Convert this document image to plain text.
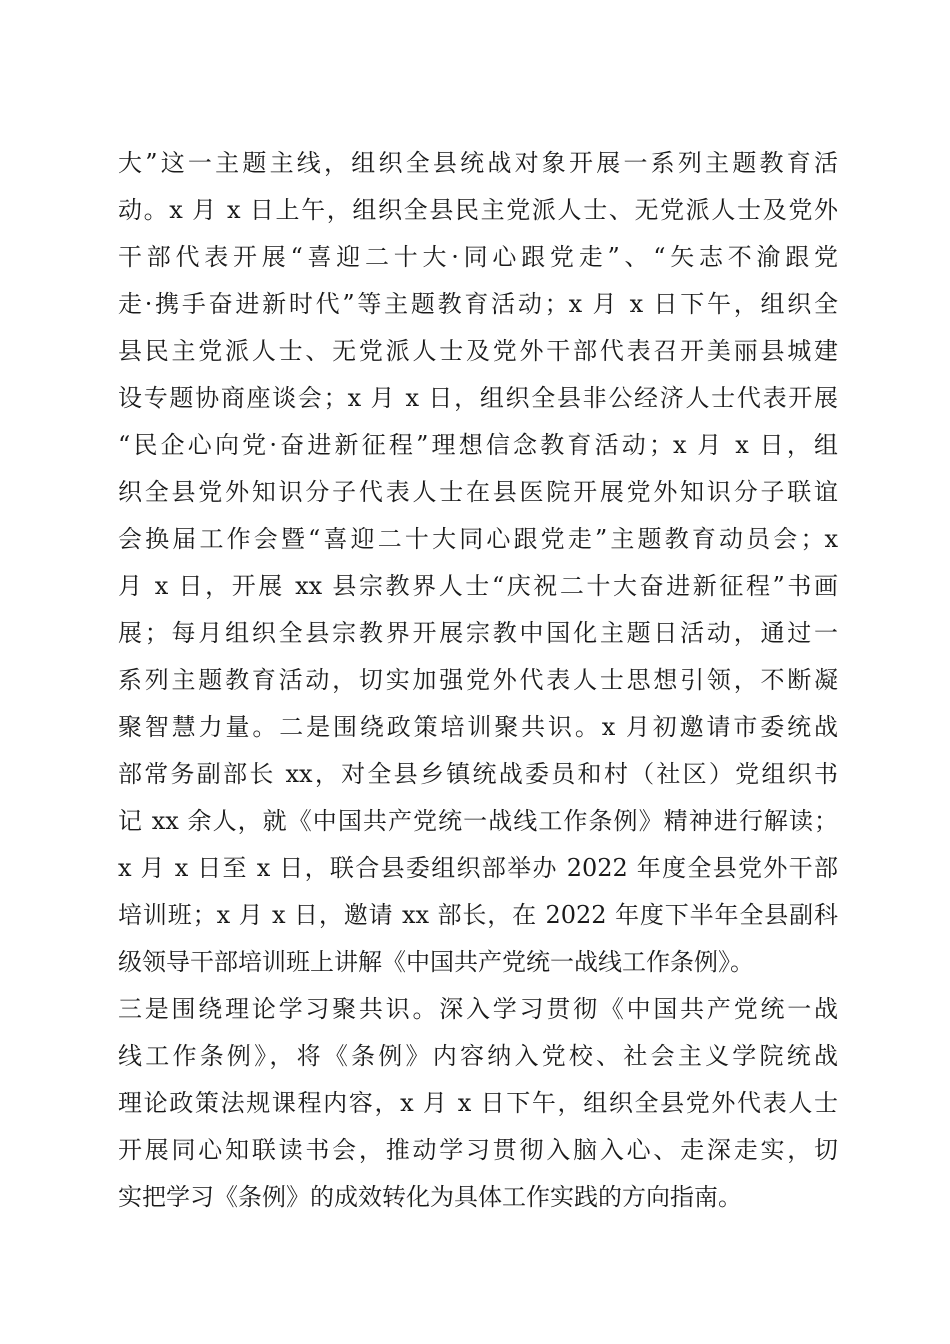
大”这一主题主线，组织全县统战对象开展一系列主题教育活
动。x 月 x 日上午，组织全县民主党派人士、无党派人士及党外
干部代表开展“喜迎二十大·同心跟党走”、“矢志不渝跟党
走·携手奋进新时代”等主题教育活动；x 月 x 日下午，组织全
县民主党派人士、无党派人士及党外干部代表召开美丽县城建
设专题协商座谈会；x 月 x 日，组织全县非公经济人士代表开展
“民企心向党·奋进新征程”理想信念教育活动；x 月 x 日，组
织全县党外知识分子代表人士在县医院开展党外知识分子联谊
会换届工作会暨“喜迎二十大同心跟党走”主题教育动员会；x
月 x 日，开展 xx 县宗教界人士“庆祝二十大奋进新征程”书画
展；每月组织全县宗教界开展宗教中国化主题日活动，通过一
系列主题教育活动，切实加强党外代表人士思想引领，不断凝
聚智慧力量。二是围绕政策培训聚共识。x 月初邀请市委统战
部常务副部长 xx，对全县乡镇统战委员和村（社区）党组织书
记 xx 余人，就《中国共产党统一战线工作条例》精神进行解读；
x 月 x 日至 x 日，联合县委组织部举办 2022 年度全县党外干部
培训班；x 月 x 日，邀请 xx 部长，在 2022 年度下半年全县副科
级领导干部培训班上讲解《中国共产党统一战线工作条例》。
三是围绕理论学习聚共识。深入学习贯彻《中国共产党统一战
线工作条例》，将《条例》内容纳入党校、社会主义学院统战
理论政策法规课程内容，x 月 x 日下午，组织全县党外代表人士
开展同心知联读书会，推动学习贯彻入脑入心、走深走实，切
实把学习《条例》的成效转化为具体工作实践的方向指南。
